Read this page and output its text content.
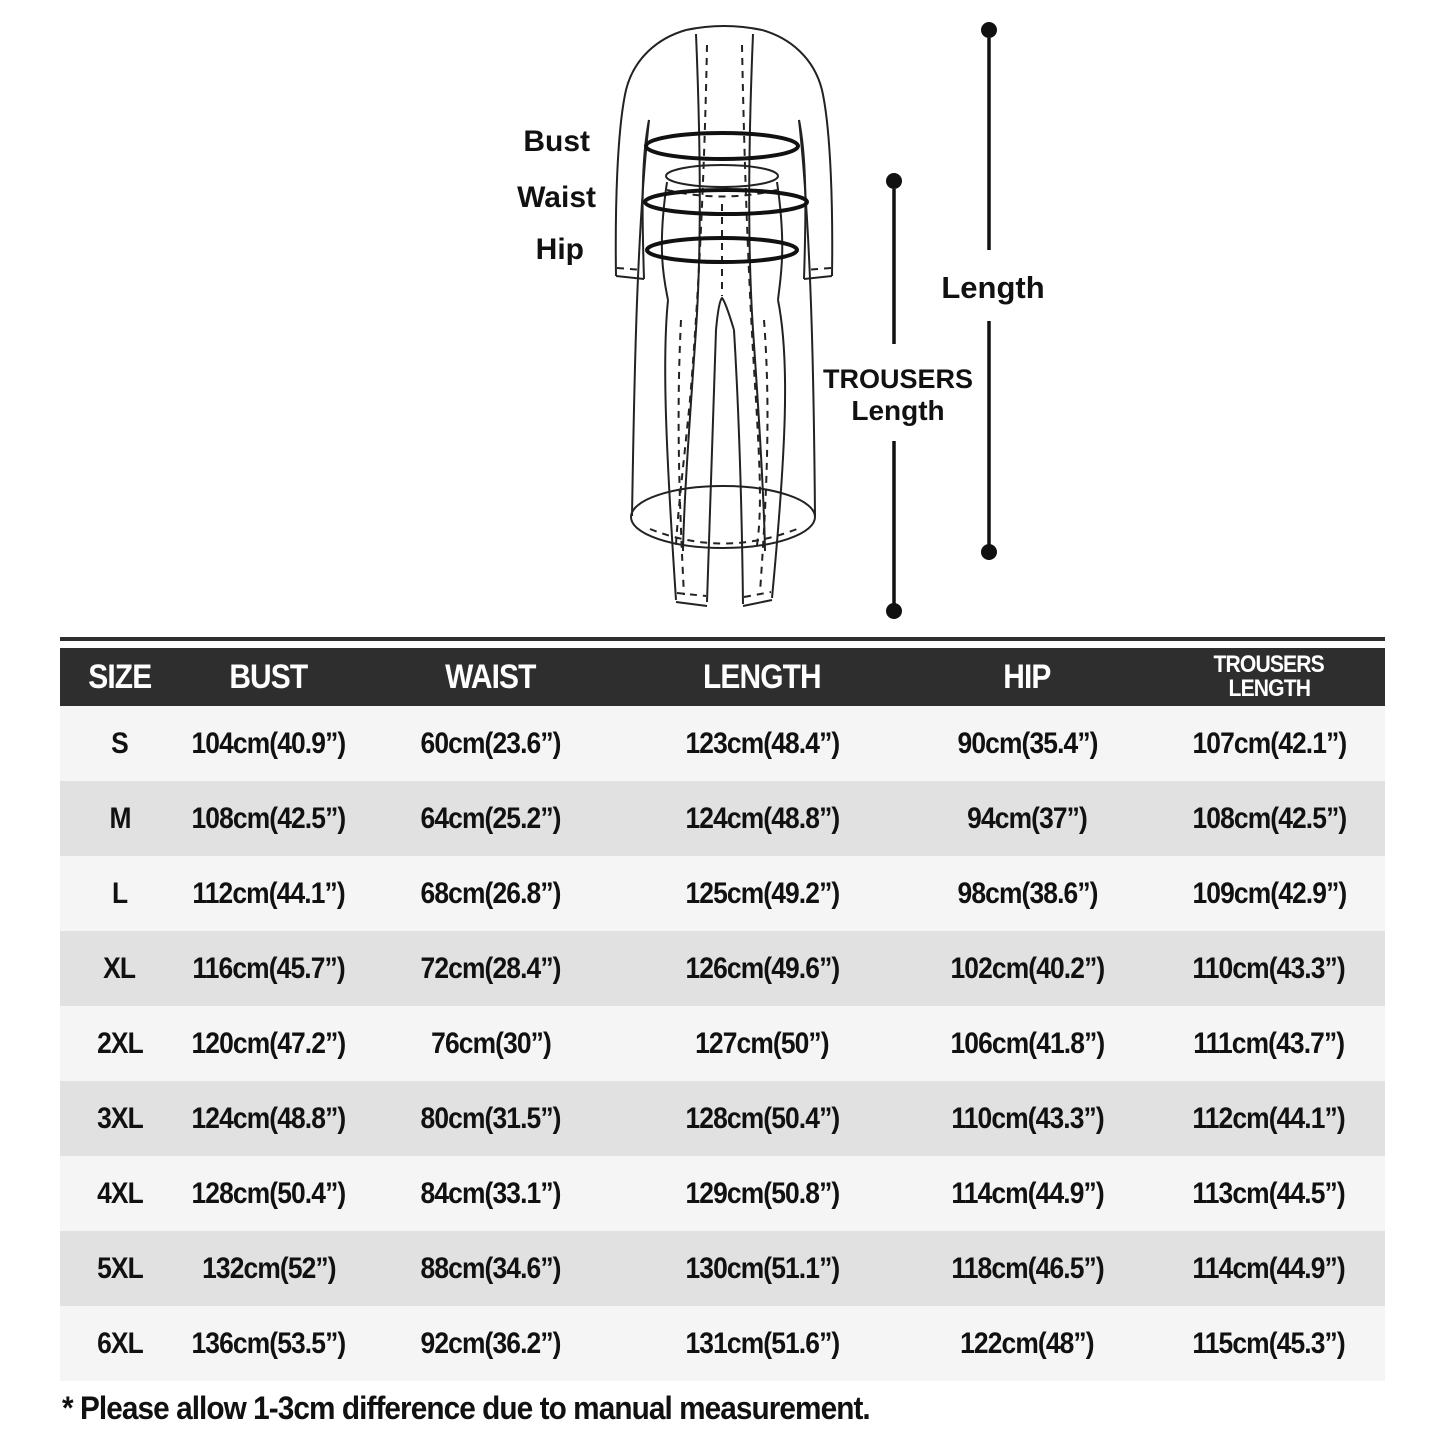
Bust
Waist
Hip
TROUSERS
Length
Length
SIZE	BUST	WAIST	LENGTH	HIP	TROUSERS
LENGTH
S	104cm(40.9”)	60cm(23.6”)	123cm(48.4”)	90cm(35.4”)	107cm(42.1”)
M	108cm(42.5”)	64cm(25.2”)	124cm(48.8”)	94cm(37”)	108cm(42.5”)
L	112cm(44.1”)	68cm(26.8”)	125cm(49.2”)	98cm(38.6”)	109cm(42.9”)
XL	116cm(45.7”)	72cm(28.4”)	126cm(49.6”)	102cm(40.2”)	110cm(43.3”)
2XL	120cm(47.2”)	76cm(30”)	127cm(50”)	106cm(41.8”)	111cm(43.7”)
3XL	124cm(48.8”)	80cm(31.5”)	128cm(50.4”)	110cm(43.3”)	112cm(44.1”)
4XL	128cm(50.4”)	84cm(33.1”)	129cm(50.8”)	114cm(44.9”)	113cm(44.5”)
5XL	132cm(52”)	88cm(34.6”)	130cm(51.1”)	118cm(46.5”)	114cm(44.9”)
6XL	136cm(53.5”)	92cm(36.2”)	131cm(51.6”)	122cm(48”)	115cm(45.3”)
* Please allow 1-3cm difference due to manual measurement.
